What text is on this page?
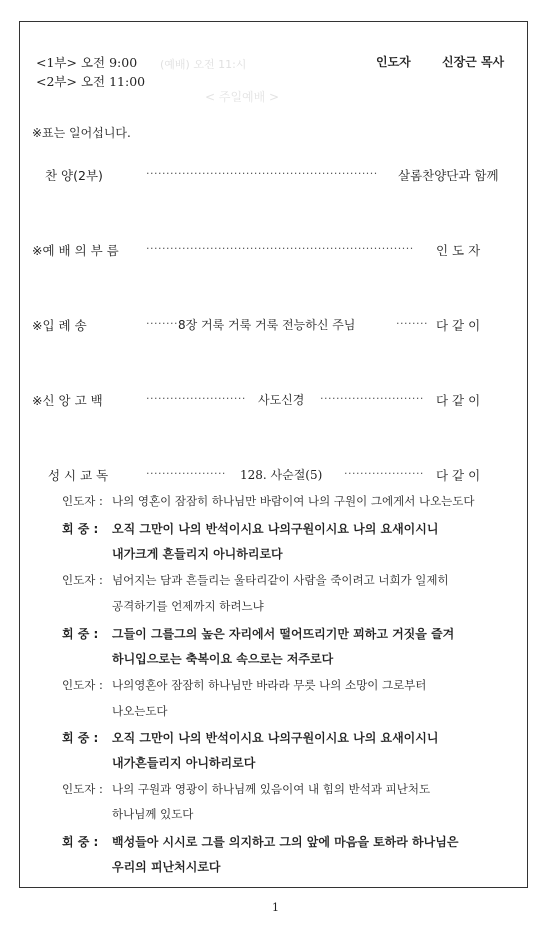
<1부> 오전 9:00
<2부> 오전 11:00
(예배) 오전 11:시
< 주일예배 >
인도자	신장근 목사
※표는 일어섭니다.
찬 양(2부)	··························································	살롬찬양단과 함께
※예 배 의 부 름 ···································································	인 도 자
※입 례 송	········ 8장 거룩 거룩 거룩 전능하신 주님	········ 다 같 이
※신 앙 고 백	·························	사도신경 ·························· 다 같 이
성 시 교 독	····················	128. 사순절(5) ···················· 다 같 이
인도자 : 나의 영혼이 잠잠히 하나님만 바람이여 나의 구원이 그에게서 나오는도다
회 중 : 오직 그만이 나의 반석이시요 나의구원이시요 나의 요새이시니
내가크게 흔들리지 아니하리로다
인도자 : 넘어지는 담과 흔들리는 울타리같이 사람을 죽이려고 너희가 일제히
공격하기를 언제까지 하려느냐
회 중 : 그들이 그를그의 높은 자리에서 떨어뜨리기만 꾀하고 거짓을 즐겨
하니입으로는 축복이요 속으로는 저주로다
인도자 : 나의영혼아 잠잠히 하나님만 바라라 무릇 나의 소망이 그로부터
나오는도다
회 중 : 오직 그만이 나의 반석이시요 나의구원이시요 나의 요새이시니
내가흔들리지 아니하리로다
인도자 : 나의 구원과 영광이 하나님께 있음이여 내 힘의 반석과 피난처도
하나님께 있도다
회 중 : 백성들아 시시로 그를 의지하고 그의 앞에 마음을 토하라 하나님은
우리의 피난처시로다
1
